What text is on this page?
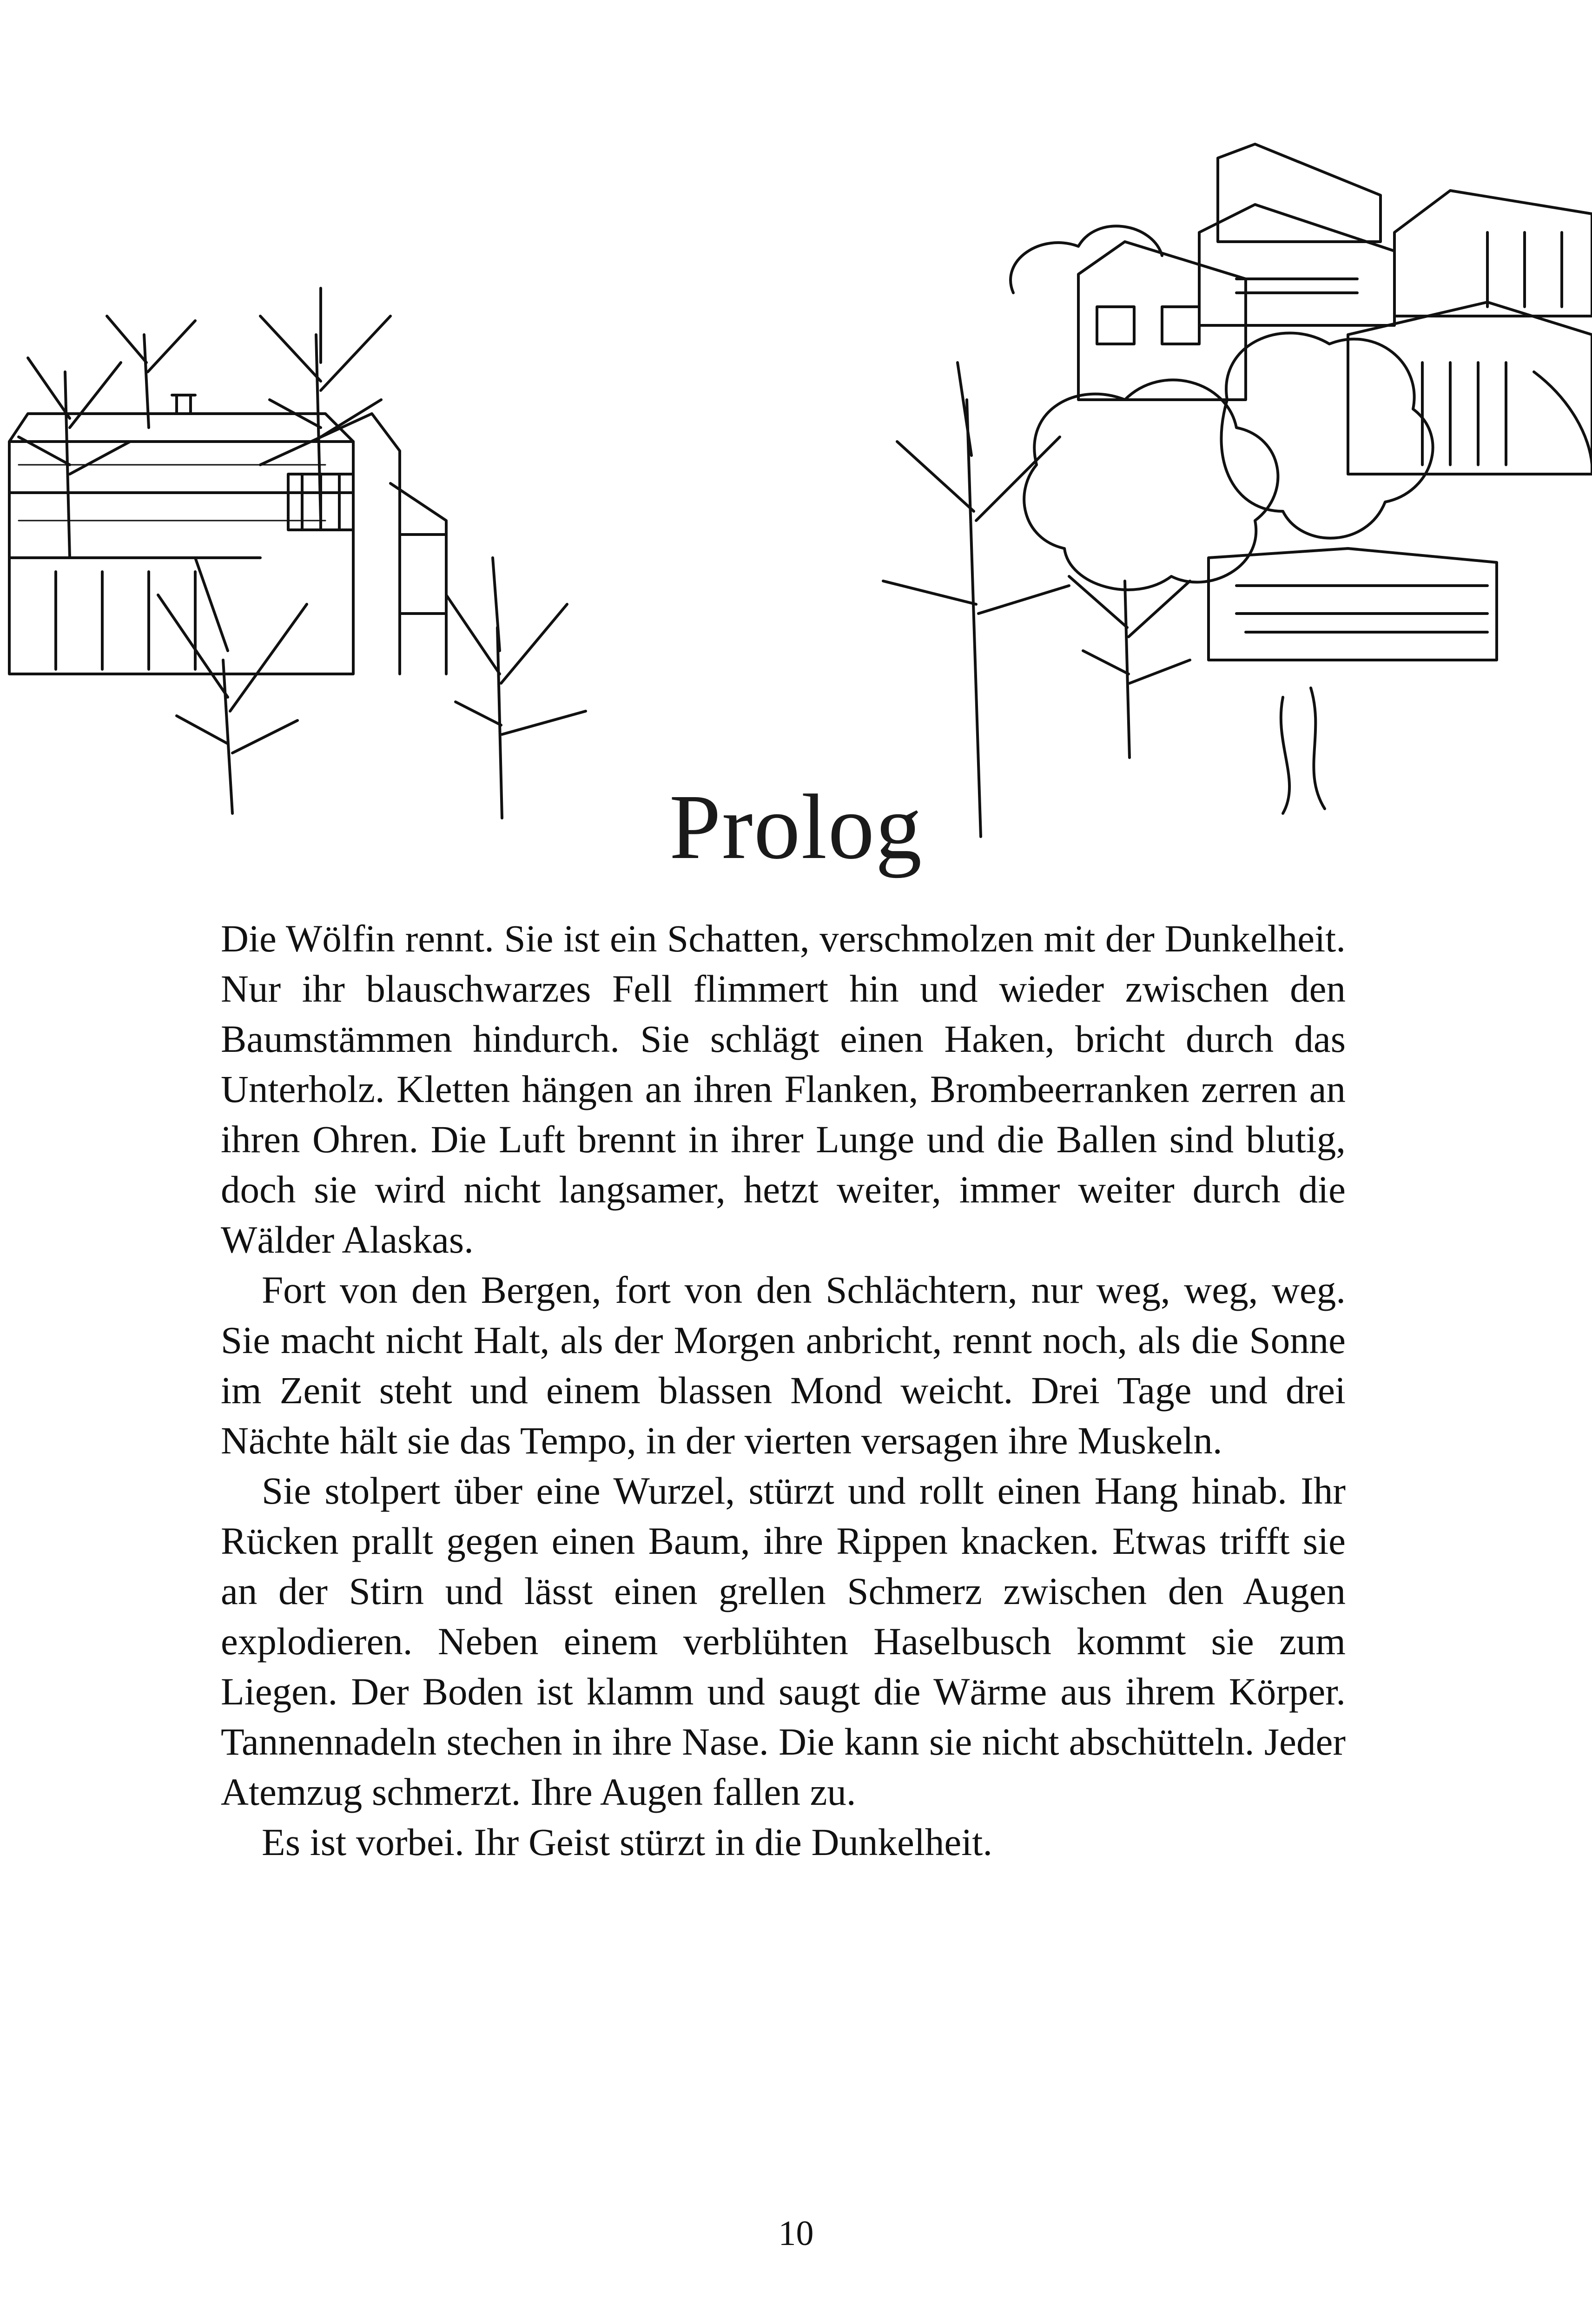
Prolog

Die Wölfin rennt. Sie ist ein Schatten, verschmolzen mit der Dunkelheit. Nur ihr blauschwarzes Fell flimmert hin und wieder zwischen den Baumstämmen hindurch. Sie schlägt einen Haken, bricht durch das Unterholz. Kletten hängen an ihren Flanken, Brombeerranken zerren an ihren Ohren. Die Luft brennt in ihrer Lunge und die Ballen sind blutig, doch sie wird nicht langsamer, hetzt weiter, immer weiter durch die Wälder Alaskas.

Fort von den Bergen, fort von den Schlächtern, nur weg, weg, weg. Sie macht nicht Halt, als der Morgen anbricht, rennt noch, als die Sonne im Zenit steht und einem blassen Mond weicht. Drei Tage und drei Nächte hält sie das Tempo, in der vierten versagen ihre Muskeln.

Sie stolpert über eine Wurzel, stürzt und rollt einen Hang hinab. Ihr Rücken prallt gegen einen Baum, ihre Rippen knacken. Etwas trifft sie an der Stirn und lässt einen grellen Schmerz zwischen den Augen explodieren. Neben einem verblühten Haselbusch kommt sie zum Liegen. Der Boden ist klamm und saugt die Wärme aus ihrem Körper. Tannennadeln stechen in ihre Nase. Die kann sie nicht abschütteln. Jeder Atemzug schmerzt. Ihre Augen fallen zu.

Es ist vorbei. Ihr Geist stürzt in die Dunkelheit.

10
